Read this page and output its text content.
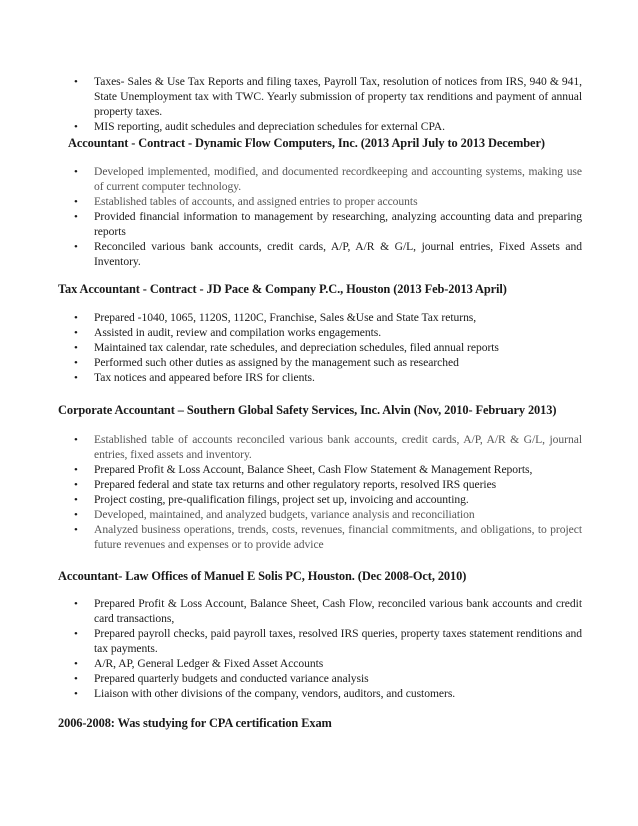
• Taxes- Sales & Use Tax Reports and filing taxes, Payroll Tax, resolution of notices from IRS, 940 & 941, State Unemployment tax with TWC. Yearly submission of property tax renditions and payment of annual property taxes.
• MIS reporting, audit schedules and depreciation schedules for external CPA.
Accountant - Contract - Dynamic Flow Computers, Inc. (2013 April July to 2013 December)
• Developed implemented, modified, and documented recordkeeping and accounting systems, making use of current computer technology.
• Established tables of accounts, and assigned entries to proper accounts
• Provided financial information to management by researching, analyzing accounting data and preparing reports
• Reconciled various bank accounts, credit cards, A/P, A/R & G/L, journal entries, Fixed Assets and Inventory.
Tax Accountant - Contract - JD Pace & Company P.C., Houston (2013 Feb-2013 April)
• Prepared -1040, 1065, 1120S, 1120C, Franchise, Sales &Use and State Tax returns,
• Assisted in audit, review and compilation works engagements.
• Maintained tax calendar, rate schedules, and depreciation schedules, filed annual reports
• Performed such other duties as assigned by the management such as researched
• Tax notices and appeared before IRS for clients.
Corporate Accountant – Southern Global Safety Services, Inc. Alvin (Nov, 2010- February 2013)
• Established table of accounts reconciled various bank accounts, credit cards, A/P, A/R & G/L, journal entries, fixed assets and inventory.
• Prepared Profit & Loss Account, Balance Sheet, Cash Flow Statement & Management Reports,
• Prepared federal and state tax returns and other regulatory reports, resolved IRS queries
• Project costing, pre-qualification filings, project set up, invoicing and accounting.
• Developed, maintained, and analyzed budgets, variance analysis and reconciliation
• Analyzed business operations, trends, costs, revenues, financial commitments, and obligations, to project future revenues and expenses or to provide advice
Accountant- Law Offices of Manuel E Solis PC, Houston. (Dec 2008-Oct, 2010)
• Prepared Profit & Loss Account, Balance Sheet, Cash Flow, reconciled various bank accounts and credit card transactions,
• Prepared payroll checks, paid payroll taxes, resolved IRS queries, property taxes statement renditions and tax payments.
• A/R, AP, General Ledger & Fixed Asset Accounts
• Prepared quarterly budgets and conducted variance analysis
• Liaison with other divisions of the company, vendors, auditors, and customers.
2006-2008: Was studying for CPA certification Exam
